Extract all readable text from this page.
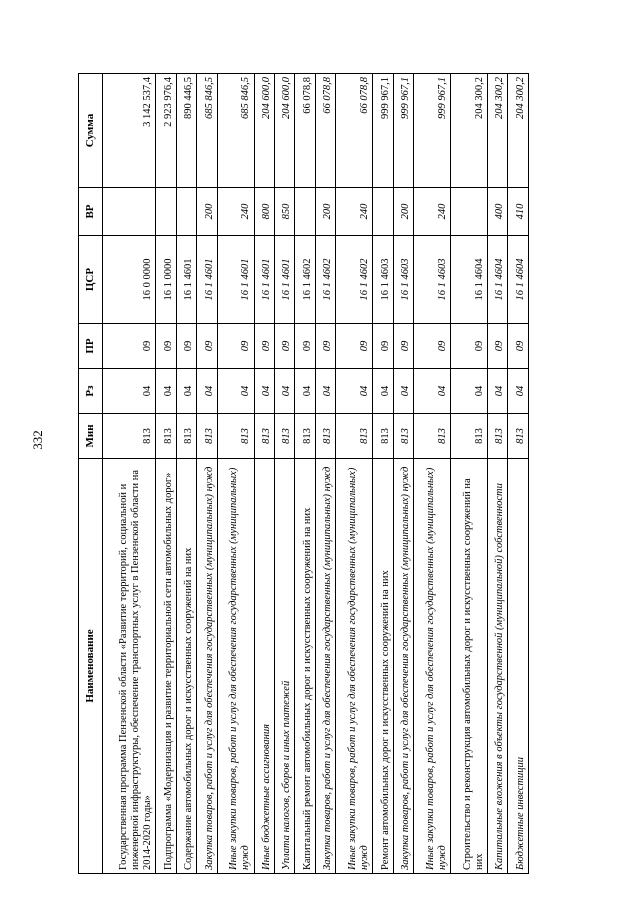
332
Наименование	Мин	Рз	ПР	ЦСР	ВР	Сумма
Государственная программа Пензенской области «Развитие территорий, социальной и инженерной инфраструктуры, обеспечение транспортных услуг в Пензенской области на 2014-2020 годы»	813	04	09	16 0 0000		3 142 537,4
Подпрограмма «Модернизация и развитие территориальной сети автомобильных дорог»	813	04	09	16 1 0000		2 923 976,4
Содержание автомобильных дорог и искусственных сооружений на них	813	04	09	16 1 4601		890 446,5
Закупка товаров, работ и услуг для обеспечения государственных (муниципальных) нужд	813	04	09	16 1 4601	200	685 846,5
Иные закупки товаров, работ и услуг для обеспечения государственных (муниципальных) нужд	813	04	09	16 1 4601	240	685 846,5
Иные бюджетные ассигнования	813	04	09	16 1 4601	800	204 600,0
Уплата налогов, сборов и иных платежей	813	04	09	16 1 4601	850	204 600,0
Капитальный ремонт автомобильных дорог и искусственных сооружений на них	813	04	09	16 1 4602		66 078,8
Закупка товаров, работ и услуг для обеспечения государственных (муниципальных) нужд	813	04	09	16 1 4602	200	66 078,8
Иные закупки товаров, работ и услуг для обеспечения государственных (муниципальных) нужд	813	04	09	16 1 4602	240	66 078,8
Ремонт автомобильных дорог и искусственных сооружений на них	813	04	09	16 1 4603		999 967,1
Закупка товаров, работ и услуг для обеспечения государственных (муниципальных) нужд	813	04	09	16 1 4603	200	999 967,1
Иные закупки товаров, работ и услуг для обеспечения государственных (муниципальных) нужд	813	04	09	16 1 4603	240	999 967,1
Строительство и реконструкция автомобильных дорог и искусственных сооружений на них	813	04	09	16 1 4604		204 300,2
Капитальные вложения в объекты государственной (муниципальной) собственности	813	04	09	16 1 4604	400	204 300,2
Бюджетные инвестиции	813	04	09	16 1 4604	410	204 300,2
